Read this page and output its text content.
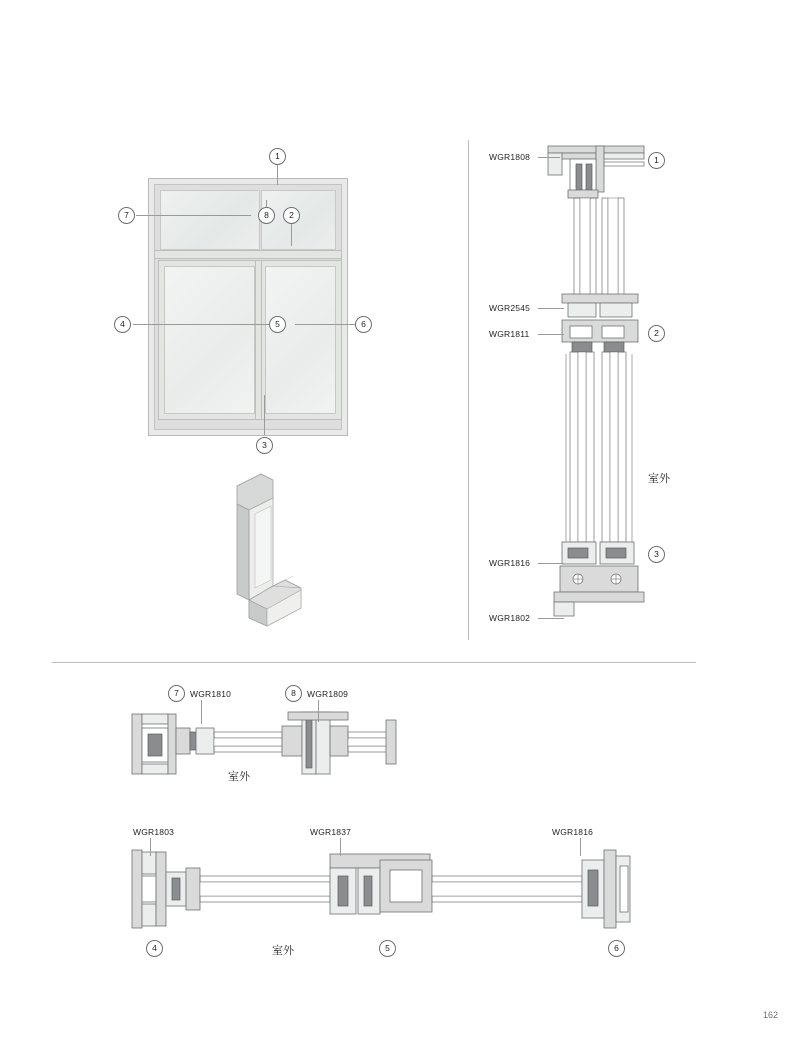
1
7	8	2
4	5	6
3
WGR1808
WGR2545
WGR1811
WGR1816
WGR1802
1
2
3
室外
7	WGR1810	8	WGR1809
室外
WGR1803	WGR1837	WGR1816
4	5	6
室外
162
